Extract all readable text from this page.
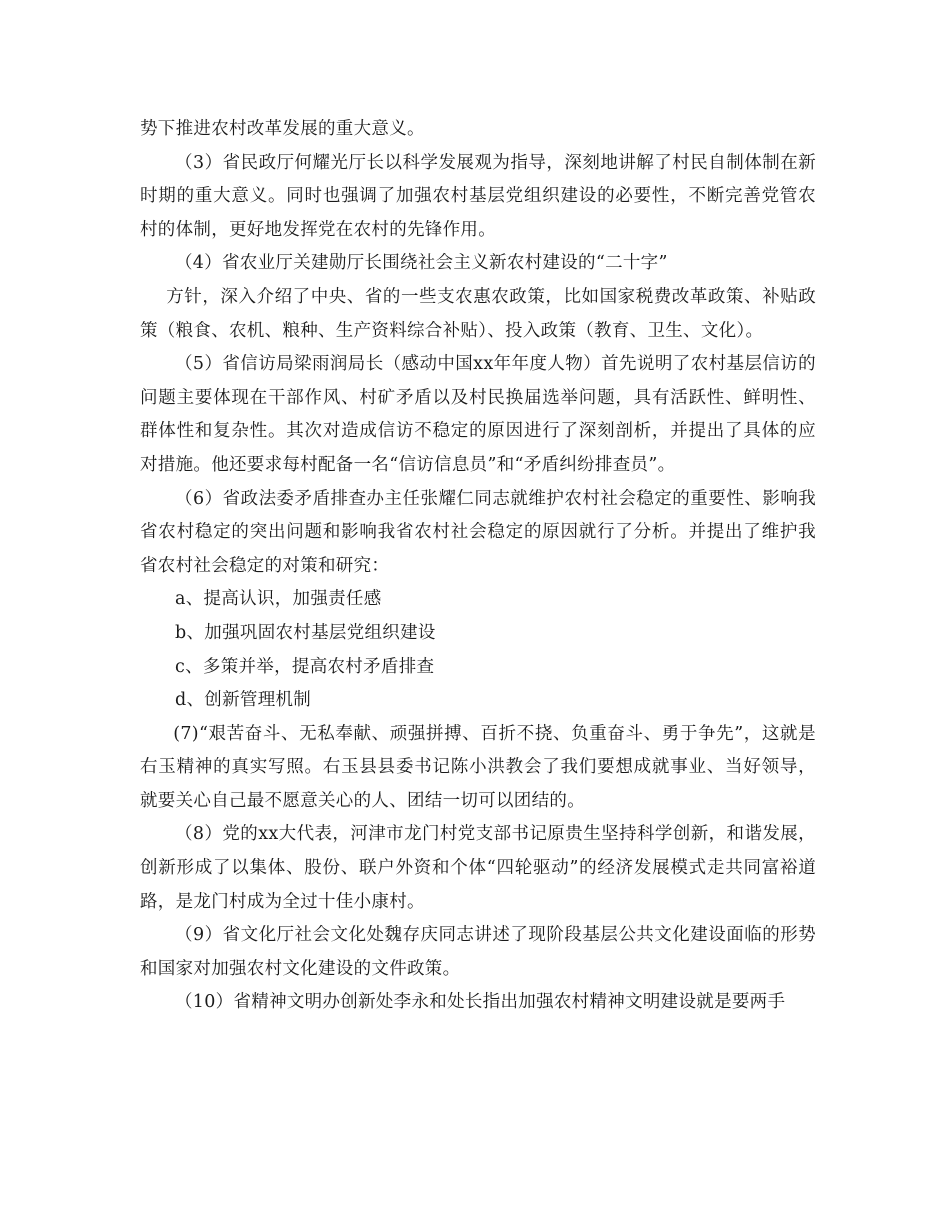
势下推进农村改革发展的重大意义。

（3）省民政厅何耀光厅长以科学发展观为指导，深刻地讲解了村民自制体制在新时期的重大意义。同时也强调了加强农村基层党组织建设的必要性，不断完善党管农村的体制，更好地发挥党在农村的先锋作用。

（4）省农业厅关建勋厅长围绕社会主义新农村建设的“二十字”

方针，深入介绍了中央、省的一些支农惠农政策，比如国家税费改革政策、补贴政策（粮食、农机、粮种、生产资料综合补贴）、投入政策（教育、卫生、文化）。

（5）省信访局梁雨润局长（感动中国xx年年度人物）首先说明了农村基层信访的问题主要体现在干部作风、村矿矛盾以及村民换届选举问题，具有活跃性、鲜明性、群体性和复杂性。其次对造成信访不稳定的原因进行了深刻剖析，并提出了具体的应对措施。他还要求每村配备一名“信访信息员”和“矛盾纠纷排查员”。

（6）省政法委矛盾排查办主任张耀仁同志就维护农村社会稳定的重要性、影响我省农村稳定的突出问题和影响我省农村社会稳定的原因就行了分析。并提出了维护我省农村社会稳定的对策和研究：

a、提高认识，加强责任感

b、加强巩固农村基层党组织建设

c、多策并举，提高农村矛盾排查

d、创新管理机制

(7)“艰苦奋斗、无私奉献、顽强拼搏、百折不挠、负重奋斗、勇于争先”，这就是右玉精神的真实写照。右玉县县委书记陈小洪教会了我们要想成就事业、当好领导，就要关心自己最不愿意关心的人、团结一切可以团结的。

（8）党的xx大代表，河津市龙门村党支部书记原贵生坚持科学创新，和谐发展，创新形成了以集体、股份、联户外资和个体“四轮驱动”的经济发展模式走共同富裕道路，是龙门村成为全过十佳小康村。

（9）省文化厅社会文化处魏存庆同志讲述了现阶段基层公共文化建设面临的形势和国家对加强农村文化建设的文件政策。

（10）省精神文明办创新处李永和处长指出加强农村精神文明建设就是要两手
